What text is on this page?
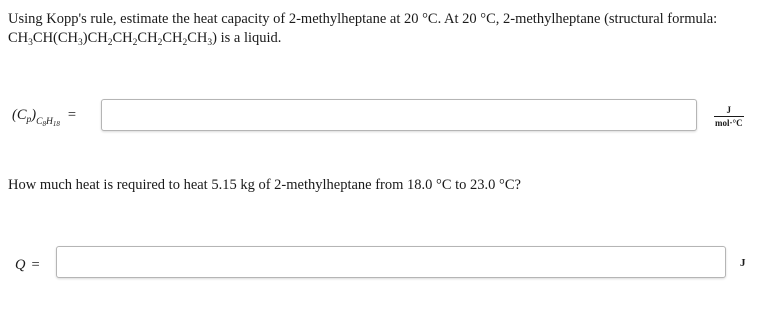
Using Kopp's rule, estimate the heat capacity of 2-methylheptane at 20 °C. At 20 °C, 2-methylheptane (structural formula:
$CH_3CH(CH_3)CH_2CH_2CH_2CH_2CH_3$) is a liquid.
$(C_p)_{C_8H_{18}}=$	J
mol·°C
How much heat is required to heat 5.15 kg of 2-methylheptane from 18.0 °C to 23.0 °C?
Q =	J
